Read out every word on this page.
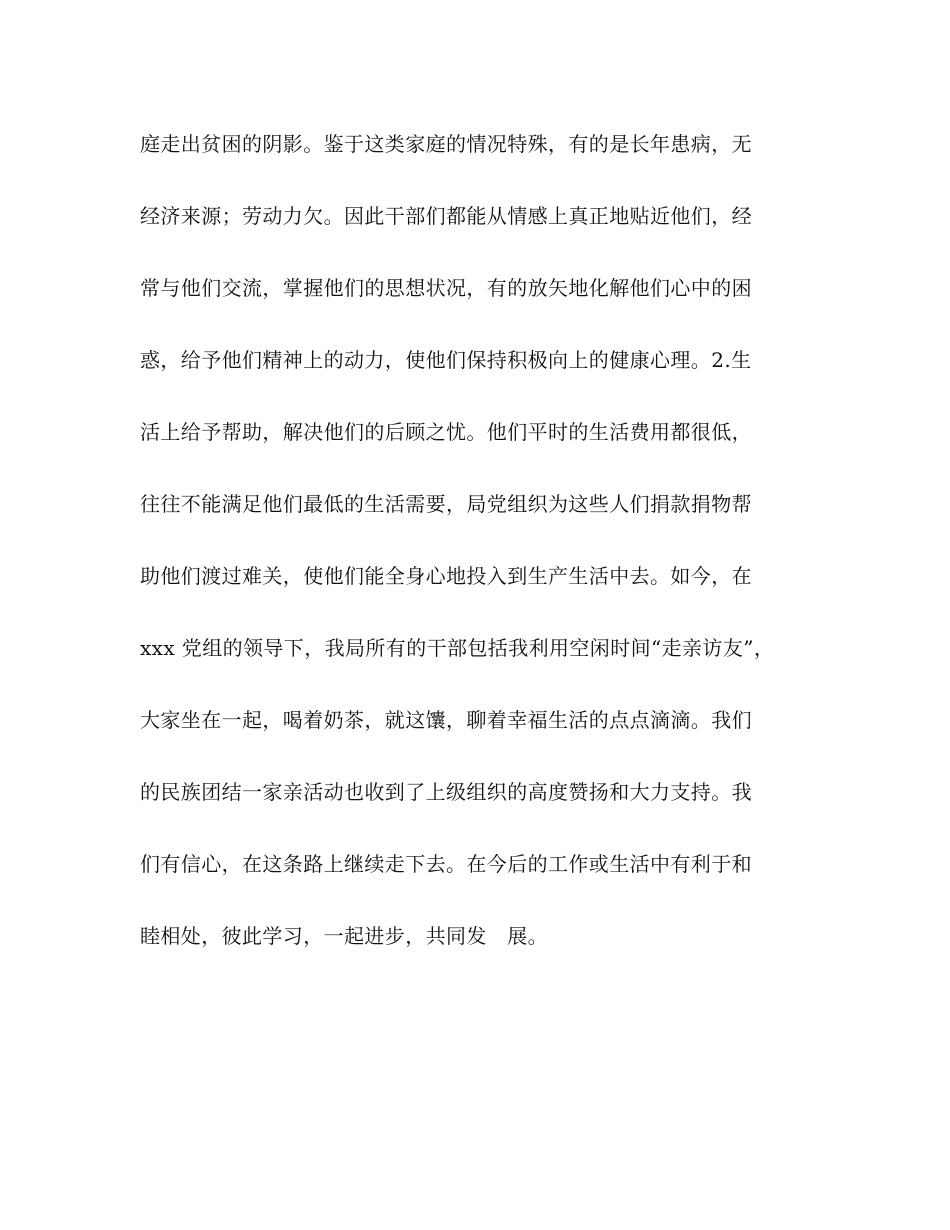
庭走出贫困的阴影。鉴于这类家庭的情况特殊，有的是长年患病，无
经济来源；劳动力欠。因此干部们都能从情感上真正地贴近他们，经
常与他们交流，掌握他们的思想状况，有的放矢地化解他们心中的困
惑，给予他们精神上的动力，使他们保持积极向上的健康心理。2.生
活上给予帮助，解决他们的后顾之忧。他们平时的生活费用都很低，
往往不能满足他们最低的生活需要，局党组织为这些人们捐款捐物帮
助他们渡过难关，使他们能全身心地投入到生产生活中去。如今，在
xxx 党组的领导下，我局所有的干部包括我利用空闲时间“走亲访友”，
大家坐在一起，喝着奶茶，就这馕，聊着幸福生活的点点滴滴。我们
的民族团结一家亲活动也收到了上级组织的高度赞扬和大力支持。我
们有信心，在这条路上继续走下去。在今后的工作或生活中有利于和
睦相处，彼此学习，一起进步，共同发　展。
